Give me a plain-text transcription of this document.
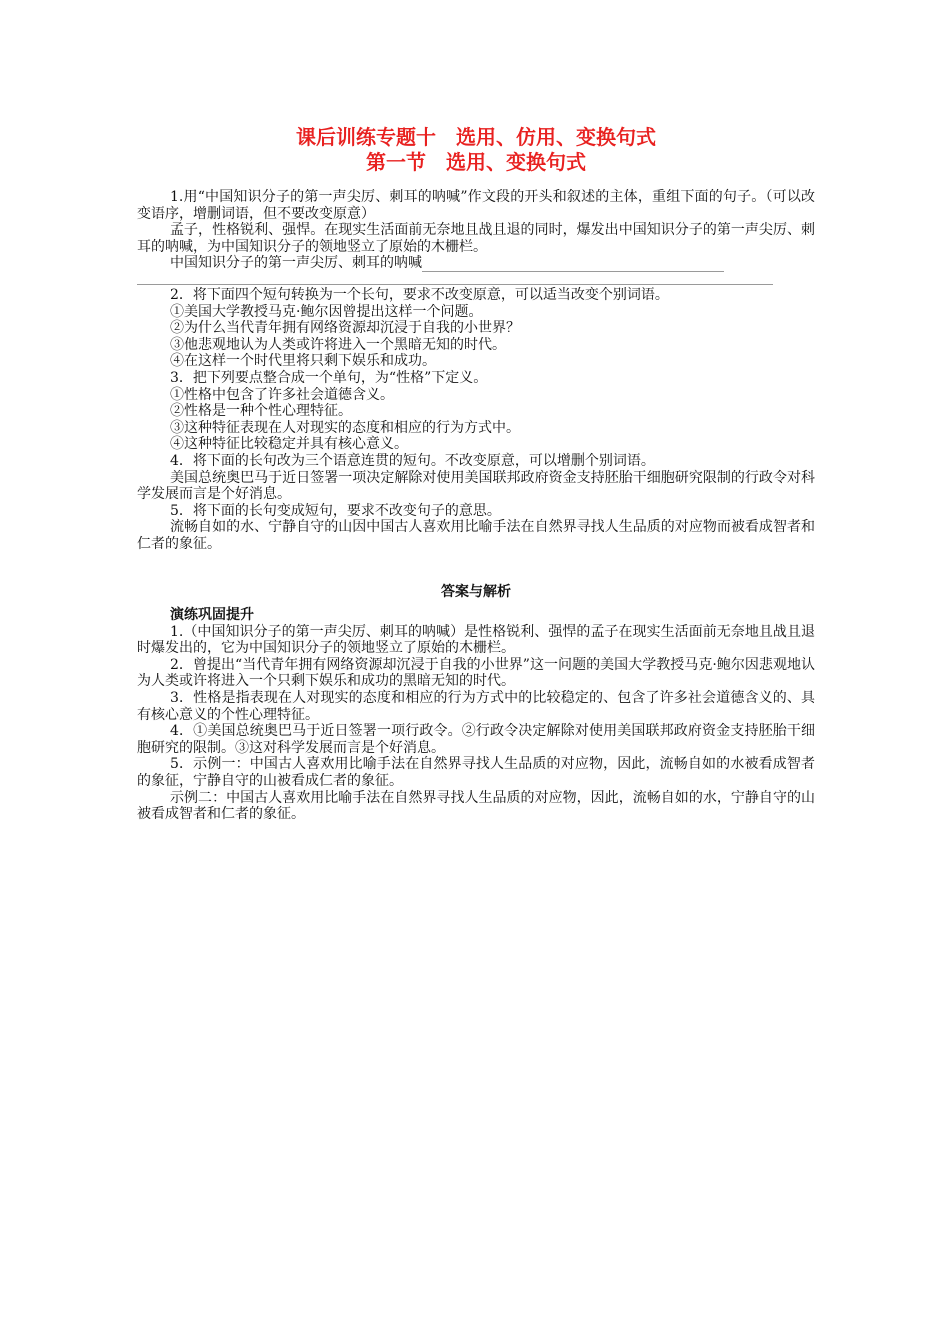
课后训练专题十　选用、仿用、变换句式
第一节　选用、变换句式

1.用“中国知识分子的第一声尖厉、刺耳的呐喊”作文段的开头和叙述的主体，重组下面的句子。（可以改变语序，增删词语，但不要改变原意）

孟子，性格锐利、强悍。在现实生活面前无奈地且战且退的同时，爆发出中国知识分子的第一声尖厉、刺耳的呐喊，为中国知识分子的领地竖立了原始的木栅栏。

中国知识分子的第一声尖厉、刺耳的呐喊

2．将下面四个短句转换为一个长句，要求不改变原意，可以适当改变个别词语。

①美国大学教授马克·鲍尔因曾提出这样一个问题。

②为什么当代青年拥有网络资源却沉浸于自我的小世界？

③他悲观地认为人类或许将进入一个黑暗无知的时代。

④在这样一个时代里将只剩下娱乐和成功。

3．把下列要点整合成一个单句，为“性格”下定义。

①性格中包含了许多社会道德含义。

②性格是一种个性心理特征。

③这种特征表现在人对现实的态度和相应的行为方式中。

④这种特征比较稳定并具有核心意义。

4．将下面的长句改为三个语意连贯的短句。不改变原意，可以增删个别词语。

美国总统奥巴马于近日签署一项决定解除对使用美国联邦政府资金支持胚胎干细胞研究限制的行政令对科学发展而言是个好消息。

5．将下面的长句变成短句，要求不改变句子的意思。

流畅自如的水、宁静自守的山因中国古人喜欢用比喻手法在自然界寻找人生品质的对应物而被看成智者和仁者的象征。

答案与解析

演练巩固提升

1.（中国知识分子的第一声尖厉、刺耳的呐喊）是性格锐利、强悍的孟子在现实生活面前无奈地且战且退时爆发出的，它为中国知识分子的领地竖立了原始的木栅栏。

2．曾提出“当代青年拥有网络资源却沉浸于自我的小世界”这一问题的美国大学教授马克·鲍尔因悲观地认为人类或许将进入一个只剩下娱乐和成功的黑暗无知的时代。

3．性格是指表现在人对现实的态度和相应的行为方式中的比较稳定的、包含了许多社会道德含义的、具有核心意义的个性心理特征。

4．①美国总统奥巴马于近日签署一项行政令。②行政令决定解除对使用美国联邦政府资金支持胚胎干细胞研究的限制。③这对科学发展而言是个好消息。

5．示例一：中国古人喜欢用比喻手法在自然界寻找人生品质的对应物，因此，流畅自如的水被看成智者的象征，宁静自守的山被看成仁者的象征。

示例二：中国古人喜欢用比喻手法在自然界寻找人生品质的对应物，因此，流畅自如的水，宁静自守的山被看成智者和仁者的象征。
